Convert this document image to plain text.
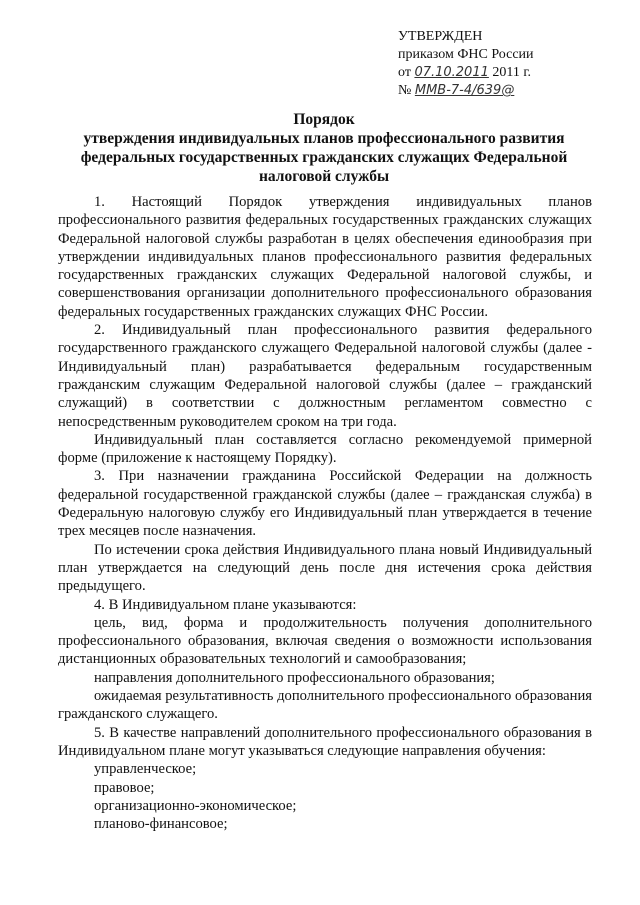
УТВЕРЖДЕН
приказом ФНС России
от 07.10.2011 2011 г.
№ ММВ-7-4/639@
Порядок
утверждения индивидуальных планов профессионального развития федеральных государственных гражданских служащих Федеральной налоговой службы

1. Настоящий Порядок утверждения индивидуальных планов профессионального развития федеральных государственных гражданских служащих Федеральной налоговой службы разработан в целях обеспечения единообразия при утверждении индивидуальных планов профессионального развития федеральных государственных гражданских служащих Федеральной налоговой службы, и совершенствования организации дополнительного профессионального образования федеральных государственных гражданских служащих ФНС России.

2. Индивидуальный план профессионального развития федерального государственного гражданского служащего Федеральной налоговой службы (далее - Индивидуальный план) разрабатывается федеральным государственным гражданским служащим Федеральной налоговой службы (далее – гражданский служащий) в соответствии с должностным регламентом совместно с непосредственным руководителем сроком на три года.

Индивидуальный план составляется согласно рекомендуемой примерной форме (приложение к настоящему Порядку).

3. При назначении гражданина Российской Федерации на должность федеральной государственной гражданской службы (далее – гражданская служба) в Федеральную налоговую службу его Индивидуальный план утверждается в течение трех месяцев после назначения.

По истечении срока действия Индивидуального плана новый Индивидуальный план утверждается на следующий день после дня истечения срока действия предыдущего.

4. В Индивидуальном плане указываются:

цель, вид, форма и продолжительность получения дополнительного профессионального образования, включая сведения о возможности использования дистанционных образовательных технологий и самообразования;

направления дополнительного профессионального образования;

ожидаемая результативность дополнительного профессионального образования гражданского служащего.

5. В качестве направлений дополнительного профессионального образования в Индивидуальном плане могут указываться следующие направления обучения:

управленческое;

правовое;

организационно-экономическое;

планово-финансовое;
